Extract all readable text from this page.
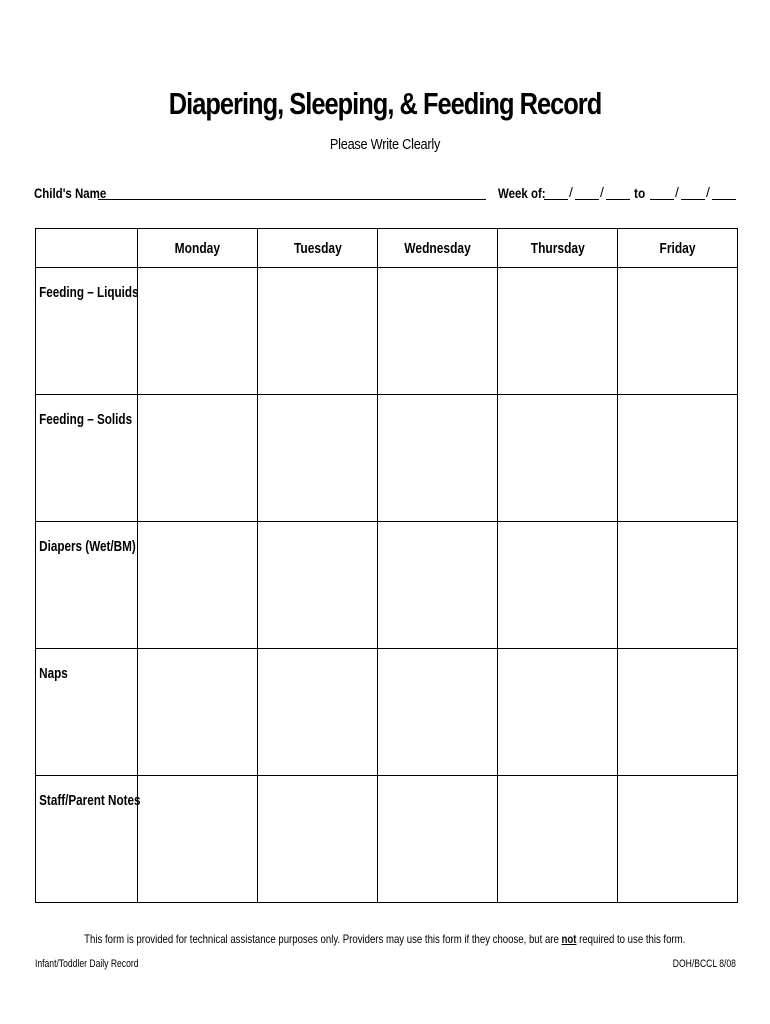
Diapering, Sleeping, & Feeding Record
Please Write Clearly
Child's Name	Week of: / / to / /
	Monday	Tuesday	Wednesday	Thursday	Friday

Feeding – Liquids					

Feeding – Solids					

Diapers (Wet/BM)					

Naps					

Staff/Parent Notes					

This form is provided for technical assistance purposes only. Providers may use this form if they choose, but are not required to use this form.
Infant/Toddler Daily Record	DOH/BCCL 8/08
